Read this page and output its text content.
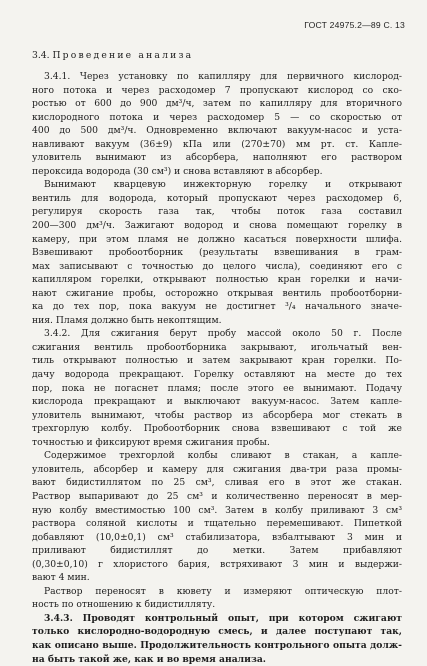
ГОСТ 24975.2—89 С. 13
3.4. Проведение анализа

3.4.1. Через установку по капилляру для первичного кислород-
ного потока и через расходомер 7 пропускают кислород со ско-
ростью от 600 до 900 дм³/ч, затем по капилляру для вторичного
кислородного потока и через расходомер 5 — со скоростью от
400 до 500 дм³/ч. Одновременно включают вакуум-насос и уста-
навливают вакуум (36±9) кПа или (270±70) мм рт. ст. Капле-
уловитель вынимают из абсорбера, наполняют его раствором
пероксида водорода (30 см³) и снова вставляют в абсорбер.

Вынимают кварцевую инжекторную горелку и открывают
вентиль для водорода, который пропускают через расходомер 6,
регулируя скорость газа так, чтобы поток газа составил
200—300 дм³/ч. Зажигают водород и снова помещают горелку в
камеру, при этом пламя не должно касаться поверхности шлифа.
Взвешивают пробоотборник (результаты взвешивания в грам-
мах записывают с точностью до целого числа), соединяют его с
капилляром горелки, открывают полностью кран горелки и начи-
нают сжигание пробы, осторожно открывая вентиль пробоотборни-
ка до тех пор, пока вакуум не достигнет ³/₄ начального значе-
ния. Пламя должно быть некоптящим.

3.4.2. Для сжигания берут пробу массой около 50 г. После
сжигания вентиль пробоотборника закрывают, игольчатый вен-
тиль открывают полностью и затем закрывают кран горелки. По-
дачу водорода прекращают. Горелку оставляют на месте до тех
пор, пока не погаснет пламя; после этого ее вынимают. Подачу
кислорода прекращают и выключают вакуум-насос. Затем капле-
уловитель вынимают, чтобы раствор из абсорбера мог стекать в
трехгорлую колбу. Пробоотборник снова взвешивают с той же
точностью и фиксируют время сжигания пробы.

Содержимое трехгорлой колбы сливают в стакан, а капле-
уловитель, абсорбер и камеру для сжигания два-три раза промы-
вают бидистиллятом по 25 см³, сливая его в этот же стакан.
Раствор выпаривают до 25 см³ и количественно переносят в мер-
ную колбу вместимостью 100 см³. Затем в колбу приливают 3 см³
раствора соляной кислоты и тщательно перемешивают. Пипеткой
добавляют (10,0±0,1) см³ стабилизатора, взбалтывают 3 мин и
приливают бидистиллят до метки. Затем прибавляют
(0,30±0,10) г хлористого бария, встряхивают 3 мин и выдержи-
вают 4 мин.

Раствор переносят в кювету и измеряют оптическую плот-
ность по отношению к бидистилляту.

3.4.3. Проводят контрольный опыт, при котором сжигают
только кислородно-водородную смесь, и далее поступают так,
как описано выше. Продолжительность контрольного опыта долж-
на быть такой же, как и во время анализа.
